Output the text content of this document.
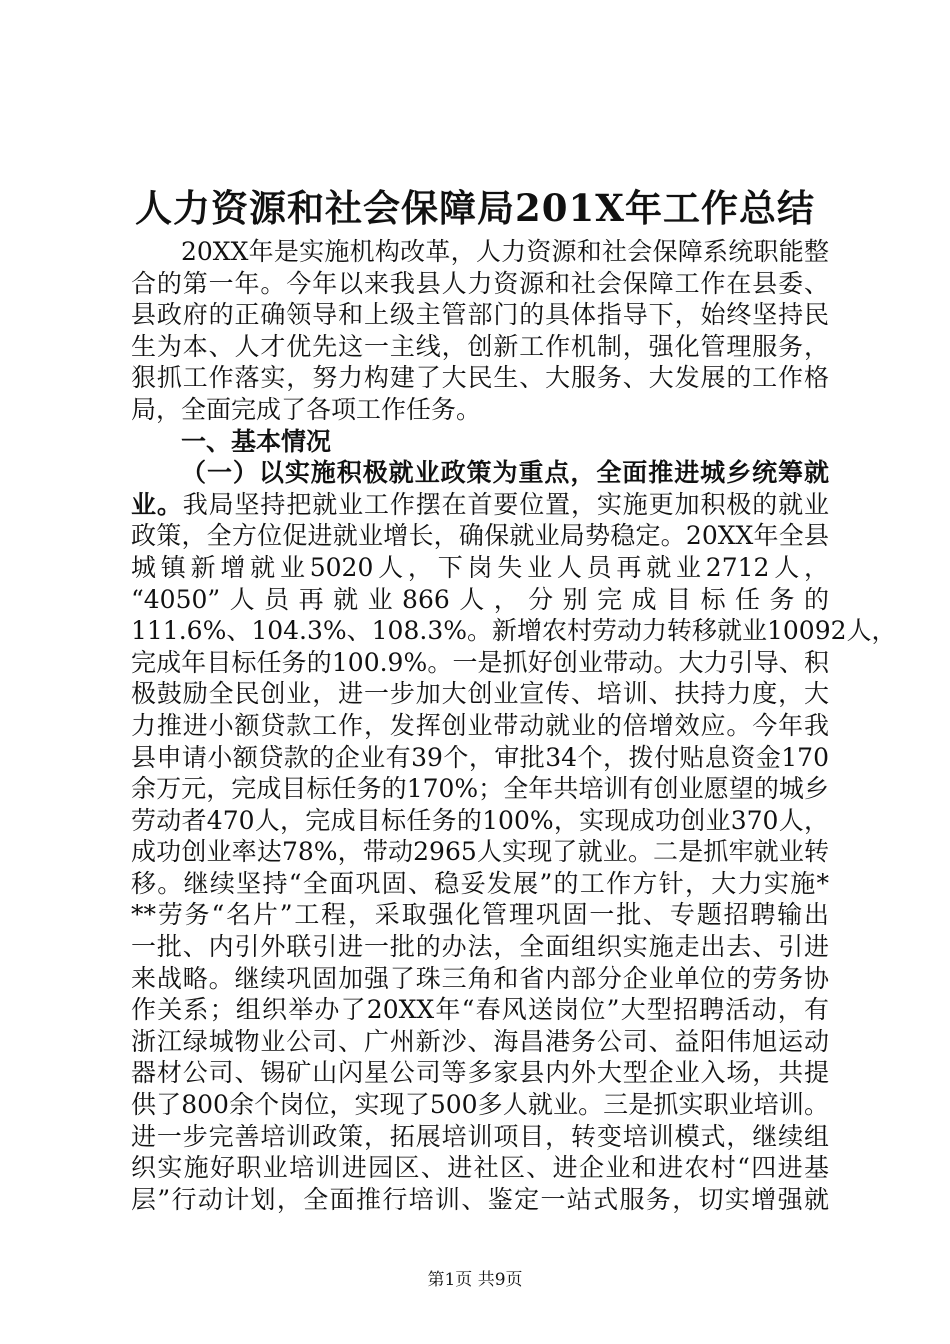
人力资源和社会保障局201X年工作总结
20XX年是实施机构改革，人力资源和社会保障系统职能整
合的第一年。今年以来我县人力资源和社会保障工作在县委、
县政府的正确领导和上级主管部门的具体指导下，始终坚持民
生为本、人才优先这一主线，创新工作机制，强化管理服务，
狠抓工作落实，努力构建了大民生、大服务、大发展的工作格
局，全面完成了各项工作任务。
一、基本情况
（一）以实施积极就业政策为重点，全面推进城乡统筹就
业。我局坚持把就业工作摆在首要位置，实施更加积极的就业
政策，全方位促进就业增长，确保就业局势稳定。20XX年全县
城镇新增就业5020人，下岗失业人员再就业2712人，
“4050”人员再就业866人，分别完成目标任务的
111.6%、104.3%、108.3%。新增农村劳动力转移就业10092人，
完成年目标任务的100.9%。一是抓好创业带动。大力引导、积
极鼓励全民创业，进一步加大创业宣传、培训、扶持力度，大
力推进小额贷款工作，发挥创业带动就业的倍增效应。今年我
县申请小额贷款的企业有39个，审批34个，拨付贴息资金170
余万元，完成目标任务的170%；全年共培训有创业愿望的城乡
劳动者470人，完成目标任务的100%，实现成功创业370人，
成功创业率达78%，带动2965人实现了就业。二是抓牢就业转
移。继续坚持“全面巩固、稳妥发展”的工作方针，大力实施*
**劳务“名片”工程，采取强化管理巩固一批、专题招聘输出
一批、内引外联引进一批的办法，全面组织实施走出去、引进
来战略。继续巩固加强了珠三角和省内部分企业单位的劳务协
作关系；组织举办了20XX年“春风送岗位”大型招聘活动，有
浙江绿城物业公司、广州新沙、海昌港务公司、益阳伟旭运动
器材公司、锡矿山闪星公司等多家县内外大型企业入场，共提
供了800余个岗位，实现了500多人就业。三是抓实职业培训。
进一步完善培训政策，拓展培训项目，转变培训模式，继续组
织实施好职业培训进园区、进社区、进企业和进农村“四进基
层”行动计划，全面推行培训、鉴定一站式服务，切实增强就
第1页 共9页
